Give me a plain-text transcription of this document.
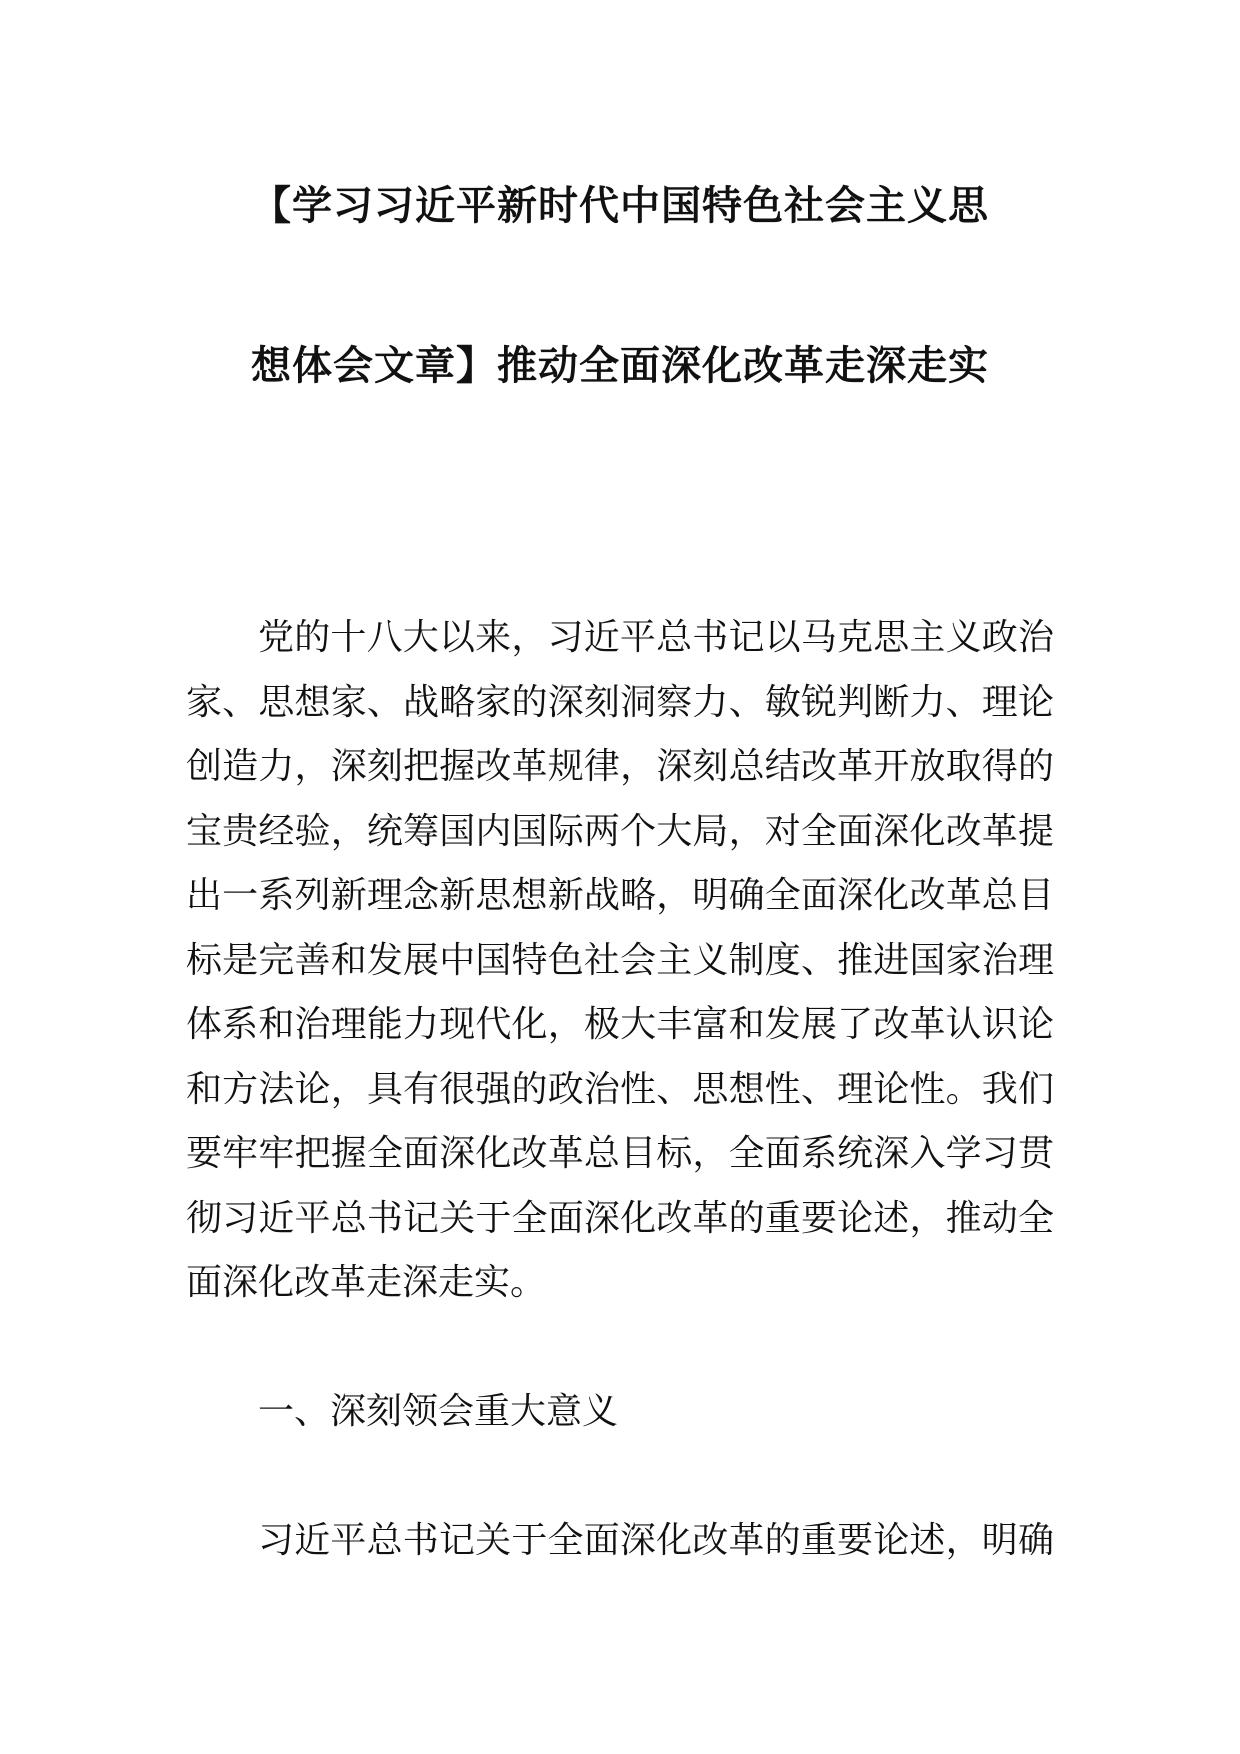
【学习习近平新时代中国特色社会主义思
想体会文章】推动全面深化改革走深走实
党的十八大以来，习近平总书记以马克思主义政治
家、思想家、战略家的深刻洞察力、敏锐判断力、理论
创造力，深刻把握改革规律，深刻总结改革开放取得的
宝贵经验，统筹国内国际两个大局，对全面深化改革提
出一系列新理念新思想新战略，明确全面深化改革总目
标是完善和发展中国特色社会主义制度、推进国家治理
体系和治理能力现代化，极大丰富和发展了改革认识论
和方法论，具有很强的政治性、思想性、理论性。我们
要牢牢把握全面深化改革总目标，全面系统深入学习贯
彻习近平总书记关于全面深化改革的重要论述，推动全
面深化改革走深走实。
一、深刻领会重大意义
习近平总书记关于全面深化改革的重要论述，明确
